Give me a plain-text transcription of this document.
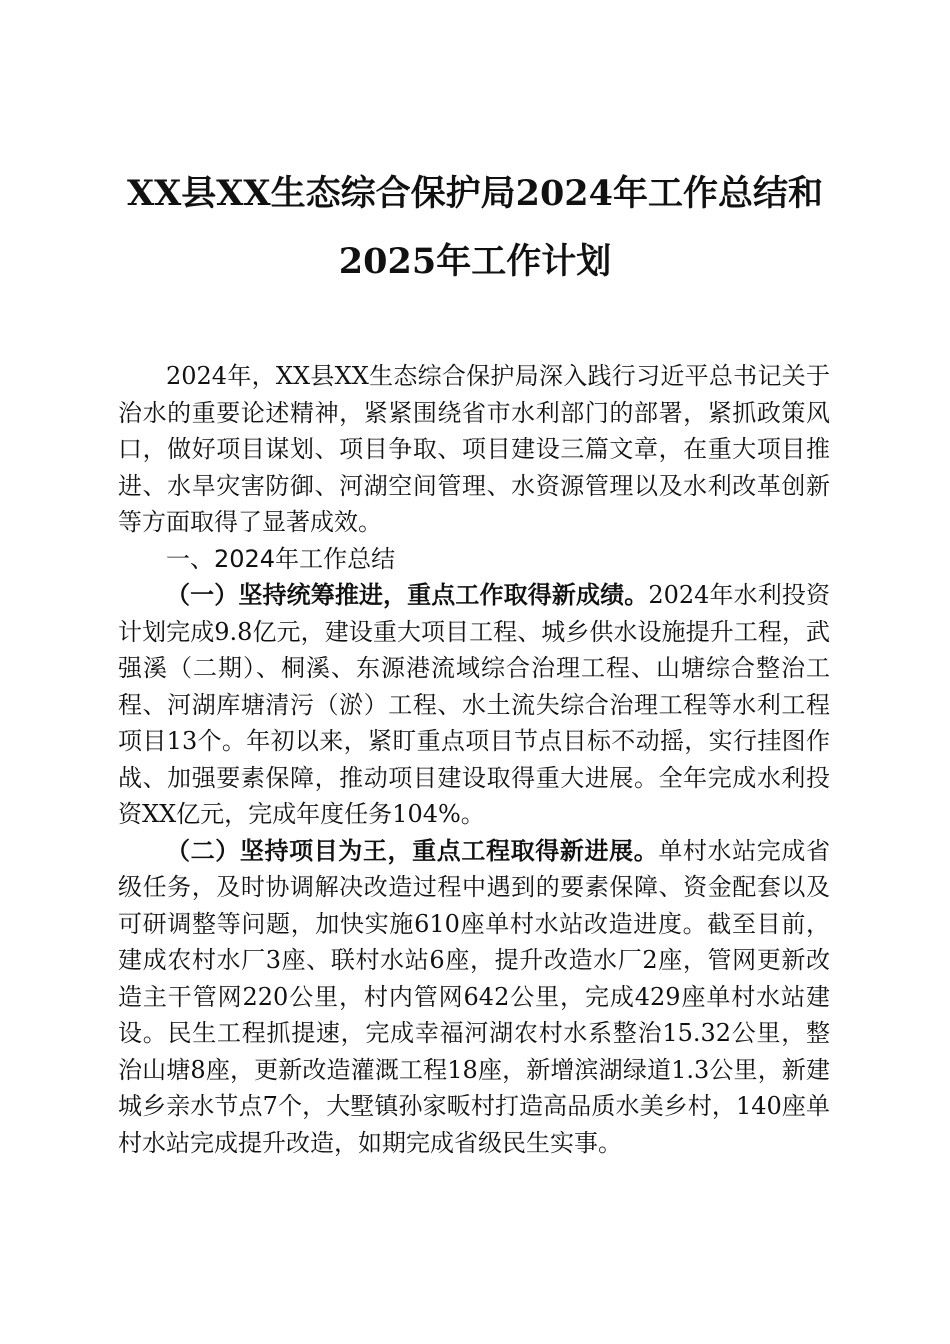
XX县XX生态综合保护局2024年工作总结和
2025年工作计划

2024年，XX县XX生态综合保护局深入践行习近平总书记关于治水的重要论述精神，紧紧围绕省市水利部门的部署，紧抓政策风口，做好项目谋划、项目争取、项目建设三篇文章，在重大项目推进、水旱灾害防御、河湖空间管理、水资源管理以及水利改革创新等方面取得了显著成效。

一、2024年工作总结

（一）坚持统筹推进，重点工作取得新成绩。2024年水利投资计划完成9.8亿元，建设重大项目工程、城乡供水设施提升工程，武强溪（二期）、桐溪、东源港流域综合治理工程、山塘综合整治工程、河湖库塘清污（淤）工程、水土流失综合治理工程等水利工程项目13个。年初以来，紧盯重点项目节点目标不动摇，实行挂图作战、加强要素保障，推动项目建设取得重大进展。全年完成水利投资XX亿元，完成年度任务104%。

（二）坚持项目为王，重点工程取得新进展。单村水站完成省级任务，及时协调解决改造过程中遇到的要素保障、资金配套以及可研调整等问题，加快实施610座单村水站改造进度。截至目前，建成农村水厂3座、联村水站6座，提升改造水厂2座，管网更新改造主干管网220公里，村内管网642公里，完成429座单村水站建设。民生工程抓提速，完成幸福河湖农村水系整治15.32公里，整治山塘8座，更新改造灌溉工程18座，新增滨湖绿道1.3公里，新建城乡亲水节点7个，大墅镇孙家畈村打造高品质水美乡村，140座单村水站完成提升改造，如期完成省级民生实事。
